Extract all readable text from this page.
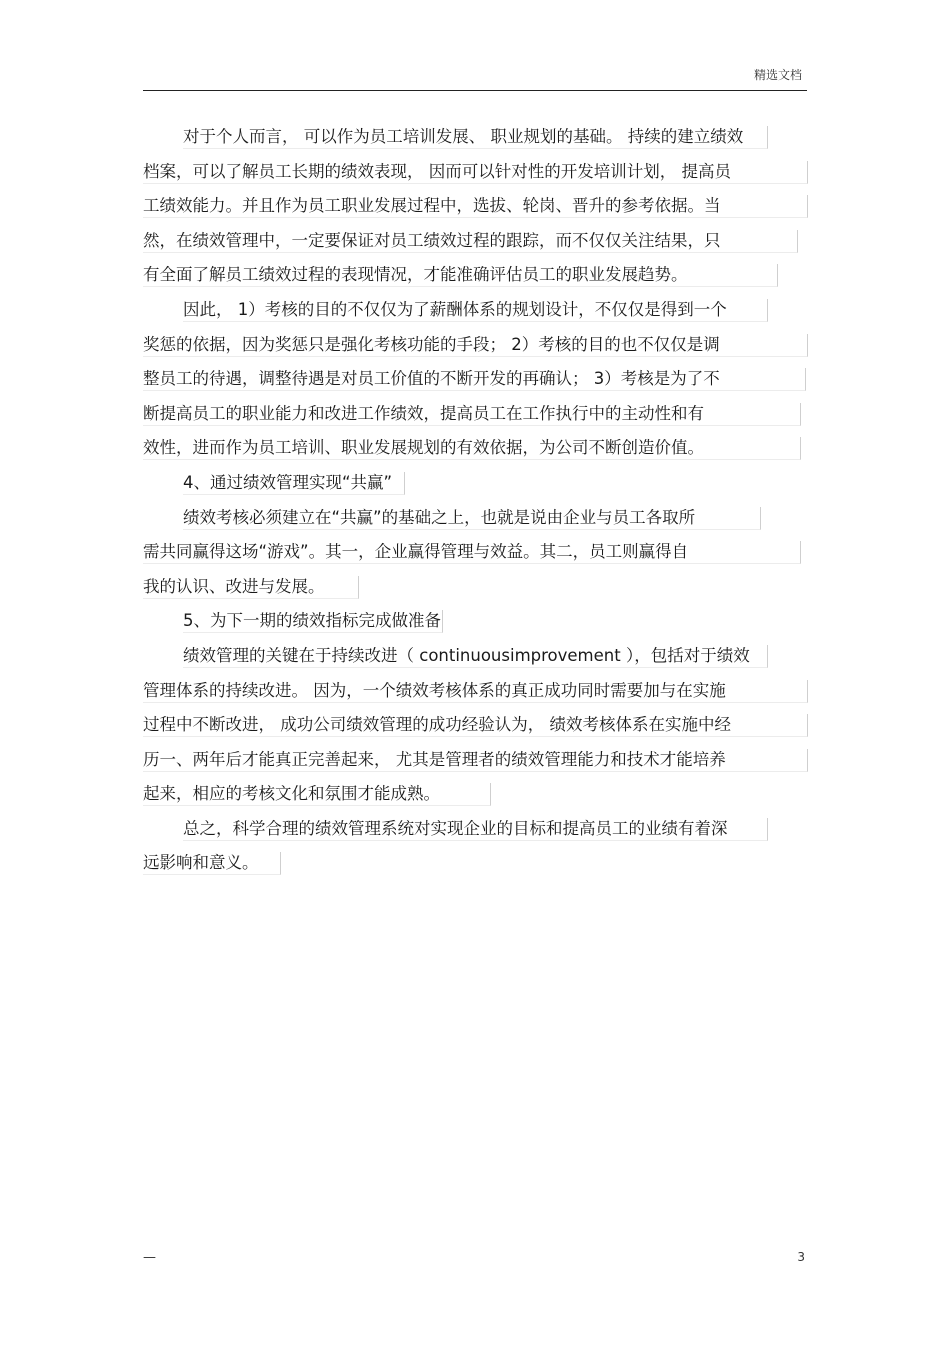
精选文档
对于个人而言， 可以作为员工培训发展、 职业规划的基础。 持续的建立绩效
档案，可以了解员工长期的绩效表现， 因而可以针对性的开发培训计划， 提高员
工绩效能力。并且作为员工职业发展过程中，选拔、轮岗、晋升的参考依据。当
然，在绩效管理中，一定要保证对员工绩效过程的跟踪，而不仅仅关注结果，只
有全面了解员工绩效过程的表现情况，才能准确评估员工的职业发展趋势。
因此， 1）考核的目的不仅仅为了薪酬体系的规划设计，不仅仅是得到一个
奖惩的依据，因为奖惩只是强化考核功能的手段； 2）考核的目的也不仅仅是调
整员工的待遇，调整待遇是对员工价值的不断开发的再确认； 3）考核是为了不
断提高员工的职业能力和改进工作绩效，提高员工在工作执行中的主动性和有
效性，进而作为员工培训、职业发展规划的有效依据，为公司不断创造价值。
4、通过绩效管理实现“共赢”
绩效考核必须建立在“共赢”的基础之上，也就是说由企业与员工各取所
需共同赢得这场“游戏”。其一，企业赢得管理与效益。其二，员工则赢得自
我的认识、改进与发展。
5、为下一期的绩效指标完成做准备
绩效管理的关键在于持续改进（ continuousimprovement ），包括对于绩效
管理体系的持续改进。 因为，一个绩效考核体系的真正成功同时需要加与在实施
过程中不断改进， 成功公司绩效管理的成功经验认为， 绩效考核体系在实施中经
历一、两年后才能真正完善起来， 尤其是管理者的绩效管理能力和技术才能培养
起来，相应的考核文化和氛围才能成熟。
总之，科学合理的绩效管理系统对实现企业的目标和提高员工的业绩有着深
远影响和意义。
—	3
